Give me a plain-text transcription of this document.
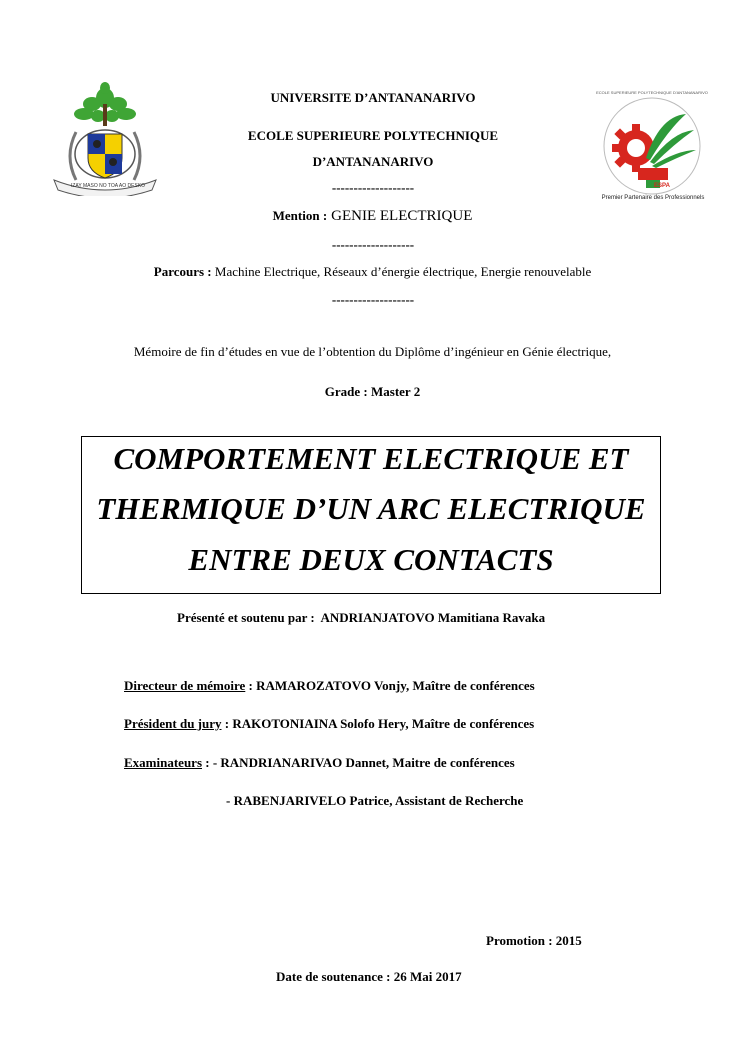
IZAY MASO NO TOA AO DESKO	ESPA
ECOLE SUPERIEURE POLYTECHNIQUE D'ANTANANARIVO
Premier Partenaire des Professionnels
UNIVERSITE D’ANTANANARIVO
ECOLE SUPERIEURE POLYTECHNIQUE
D’ANTANANARIVO
-------------------
Mention : GENIE ELECTRIQUE
-------------------
Parcours : Machine Electrique, Réseaux d’énergie électrique, Energie renouvelable
-------------------
Mémoire de fin d’études en vue de l’obtention du Diplôme d’ingénieur en Génie électrique,
Grade : Master 2
COMPORTEMENT ELECTRIQUE ET
THERMIQUE D’UN ARC ELECTRIQUE
ENTRE DEUX CONTACTS
Présenté et soutenu par : ANDRIANJATOVO Mamitiana Ravaka
Directeur de mémoire : RAMAROZATOVO Vonjy, Maître de conférences
Président du jury : RAKOTONIAINA Solofo Hery, Maître de conférences
Examinateurs : - RANDRIANARIVAO Dannet, Maitre de conférences
- RABENJARIVELO Patrice, Assistant de Recherche
Promotion : 2015
Date de soutenance : 26 Mai 2017
